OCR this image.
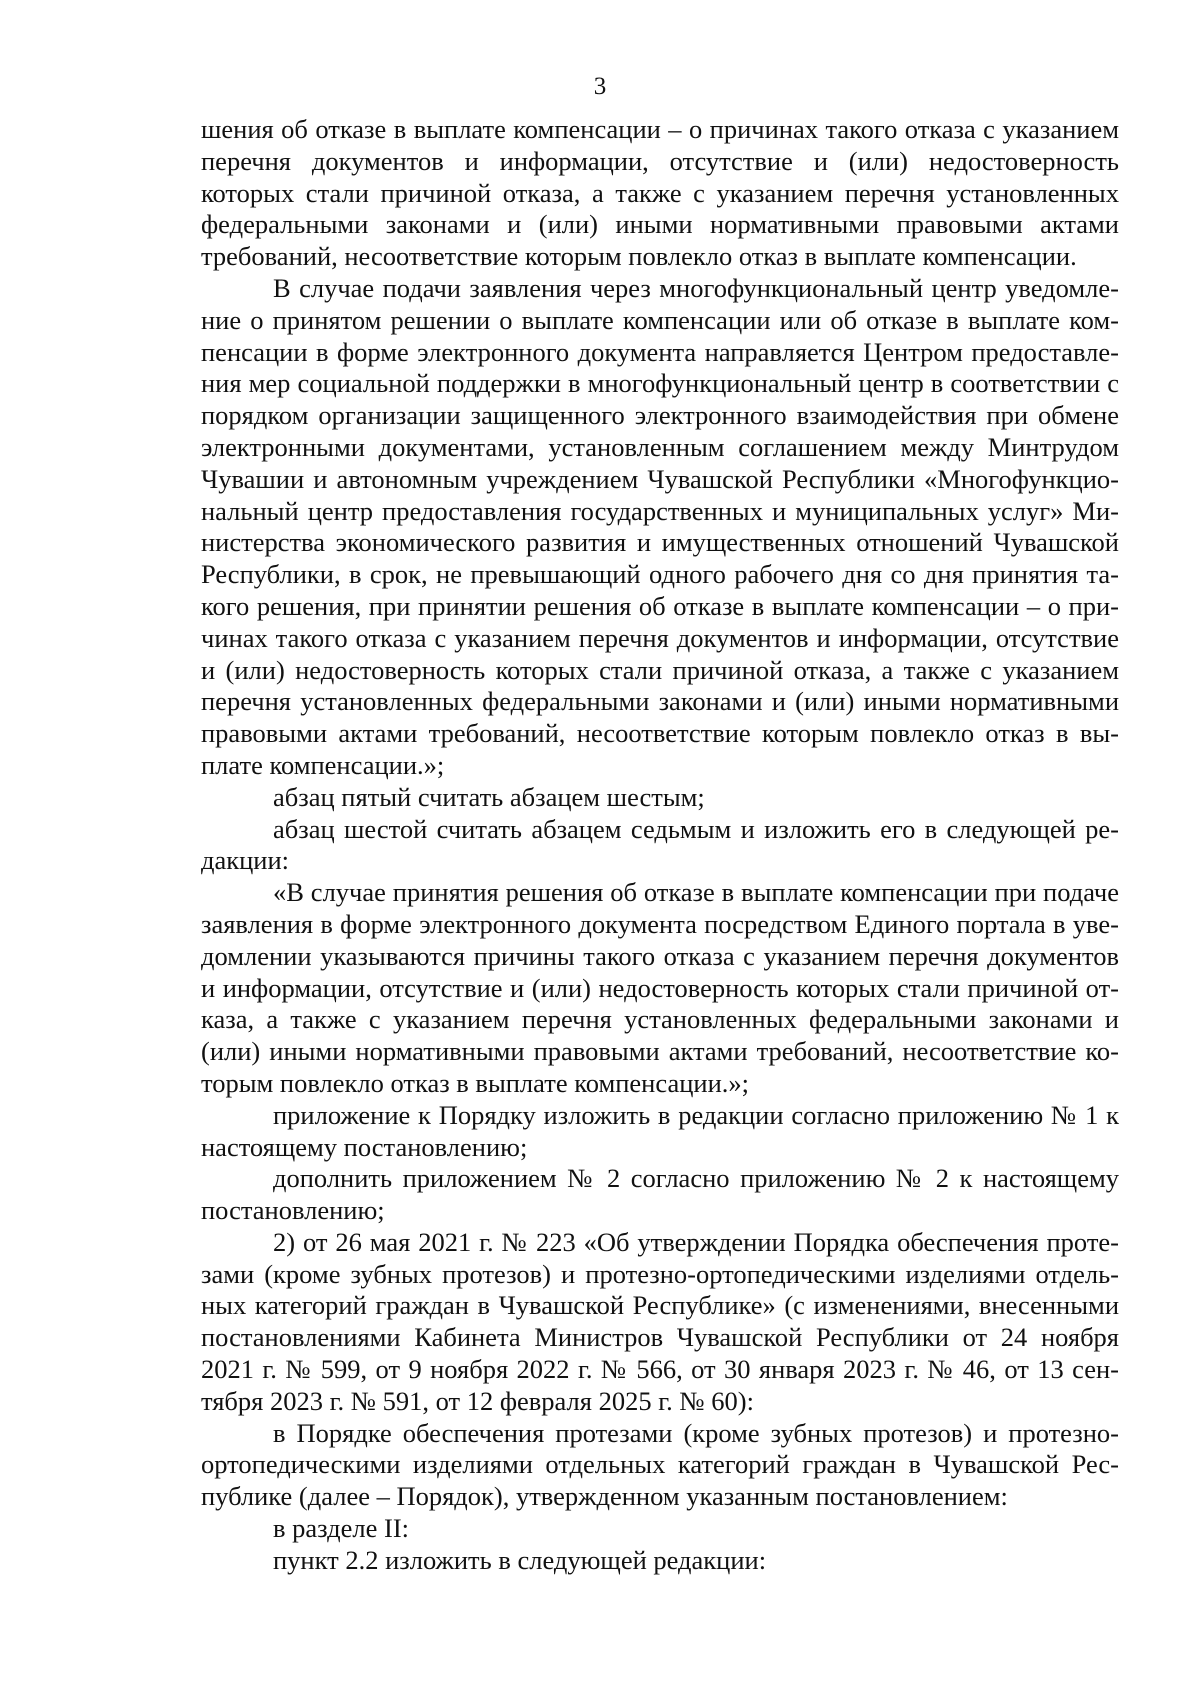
3

шения об отказе в выплате компенсации – о причинах такого отказа с указанием перечня документов и информации, отсутствие и (или) недостоверность которых стали причиной отказа, а также с указанием перечня установленных федеральными законами и (или) иными нормативными правовыми актами требований, несоответствие которым повлекло отказ в выплате компенсации.

В случае подачи заявления через многофункциональный центр уведомление о принятом решении о выплате компенсации или об отказе в выплате компенсации в форме электронного документа направляется Центром предоставления мер социальной поддержки в многофункциональный центр в соответствии с порядком организации защищенного электронного взаимодействия при обмене электронными документами, установленным соглашением между Минтрудом Чувашии и автономным учреждением Чувашской Республики «Многофункциональный центр предоставления государственных и муниципальных услуг» Министерства экономического развития и имущественных отношений Чувашской Республики, в срок, не превышающий одного рабочего дня со дня принятия такого решения, при принятии решения об отказе в выплате компенсации – о причинах такого отказа с указанием перечня документов и информации, отсутствие и (или) недостоверность которых стали причиной отказа, а также с указанием перечня установленных федеральными законами и (или) иными нормативными правовыми актами требований, несоответствие которым повлекло отказ в выплате компенсации.»;

абзац пятый считать абзацем шестым;

абзац шестой считать абзацем седьмым и изложить его в следующей редакции:

«В случае принятия решения об отказе в выплате компенсации при подаче заявления в форме электронного документа посредством Единого портала в уведомлении указываются причины такого отказа с указанием перечня документов и информации, отсутствие и (или) недостоверность которых стали причиной отказа, а также с указанием перечня установленных федеральными законами и (или) иными нормативными правовыми актами требований, несоответствие которым повлекло отказ в выплате компенсации.»;

приложение к Порядку изложить в редакции согласно приложению № 1 к настоящему постановлению;

дополнить приложением № 2 согласно приложению № 2 к настоящему постановлению;

2) от 26 мая 2021 г. № 223 «Об утверждении Порядка обеспечения протезами (кроме зубных протезов) и протезно-ортопедическими изделиями отдельных категорий граждан в Чувашской Республике» (с изменениями, внесенными постановлениями Кабинета Министров Чувашской Республики от 24 ноября 2021 г. № 599, от 9 ноября 2022 г. № 566, от 30 января 2023 г. № 46, от 13 сентября 2023 г. № 591, от 12 февраля 2025 г. № 60):

в Порядке обеспечения протезами (кроме зубных протезов) и протезно-ортопедическими изделиями отдельных категорий граждан в Чувашской Республике (далее – Порядок), утвержденном указанным постановлением:

в разделе II:

пункт 2.2 изложить в следующей редакции:
